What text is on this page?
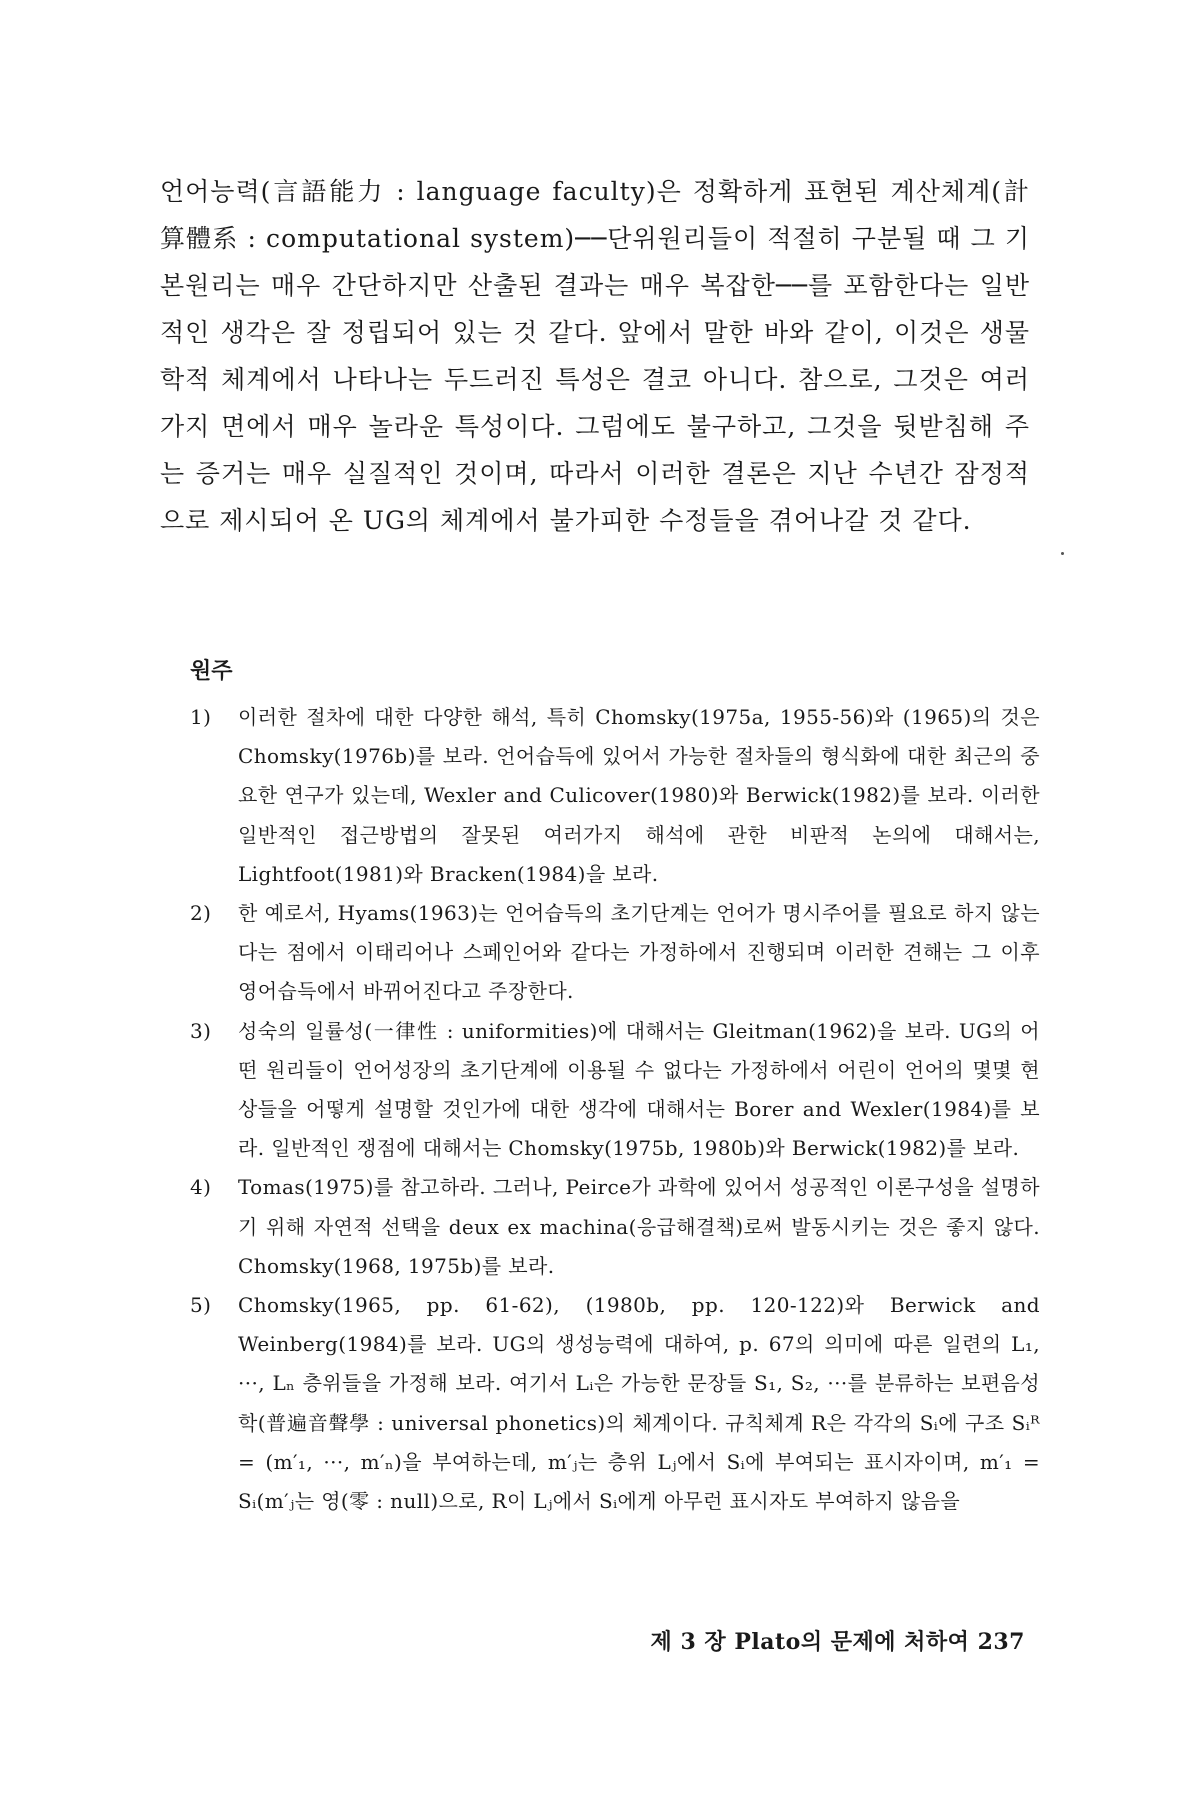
언어능력(言語能力 : language faculty)은 정확하게 표현된 계산체계(計算體系 : computational system)──단위원리들이 적절히 구분될 때 그 기본원리는 매우 간단하지만 산출된 결과는 매우 복잡한──를 포함한다는 일반적인 생각은 잘 정립되어 있는 것 같다. 앞에서 말한 바와 같이, 이것은 생물학적 체계에서 나타나는 두드러진 특성은 결코 아니다. 참으로, 그것은 여러가지 면에서 매우 놀라운 특성이다. 그럼에도 불구하고, 그것을 뒷받침해 주는 증거는 매우 실질적인 것이며, 따라서 이러한 결론은 지난 수년간 잠정적으로 제시되어 온 UG의 체계에서 불가피한 수정들을 겪어나갈 것 같다.

원주
1) 이러한 절차에 대한 다양한 해석, 특히 Chomsky(1975a, 1955-56)와 (1965)의 것은 Chomsky(1976b)를 보라. 언어습득에 있어서 가능한 절차들의 형식화에 대한 최근의 중요한 연구가 있는데, Wexler and Culicover(1980)와 Berwick(1982)를 보라. 이러한 일반적인 접근방법의 잘못된 여러가지 해석에 관한 비판적 논의에 대해서는, Lightfoot(1981)와 Bracken(1984)을 보라.
2) 한 예로서, Hyams(1963)는 언어습득의 초기단계는 언어가 명시주어를 필요로 하지 않는다는 점에서 이태리어나 스페인어와 같다는 가정하에서 진행되며 이러한 견해는 그 이후 영어습득에서 바뀌어진다고 주장한다.
3) 성숙의 일률성(一律性 : uniformities)에 대해서는 Gleitman(1962)을 보라. UG의 어떤 원리들이 언어성장의 초기단계에 이용될 수 없다는 가정하에서 어린이 언어의 몇몇 현상들을 어떻게 설명할 것인가에 대한 생각에 대해서는 Borer and Wexler(1984)를 보라. 일반적인 쟁점에 대해서는 Chomsky(1975b, 1980b)와 Berwick(1982)를 보라.
4) Tomas(1975)를 참고하라. 그러나, Peirce가 과학에 있어서 성공적인 이론구성을 설명하기 위해 자연적 선택을 deux ex machina(응급해결책)로써 발동시키는 것은 좋지 않다. Chomsky(1968, 1975b)를 보라.
5) Chomsky(1965, pp. 61-62), (1980b, pp. 120-122)와 Berwick and Weinberg(1984)를 보라. UG의 생성능력에 대하여, p. 67의 의미에 따른 일련의 L₁, ···, Lₙ 층위들을 가정해 보라. 여기서 Lᵢ은 가능한 문장들 S₁, S₂, ···를 분류하는 보편음성학(普遍音聲學 : universal phonetics)의 체계이다. 규칙체계 R은 각각의 Sᵢ에 구조 Sᵢᴿ = (m′₁, ···, m′ₙ)을 부여하는데, m′ⱼ는 층위 Lⱼ에서 Sᵢ에 부여되는 표시자이며, m′₁ = Sᵢ(m′ⱼ는 영(零 : null)으로, R이 Lⱼ에서 Sᵢ에게 아무런 표시자도 부여하지 않음을

제 3 장 Plato의 문제에 처하여 237
